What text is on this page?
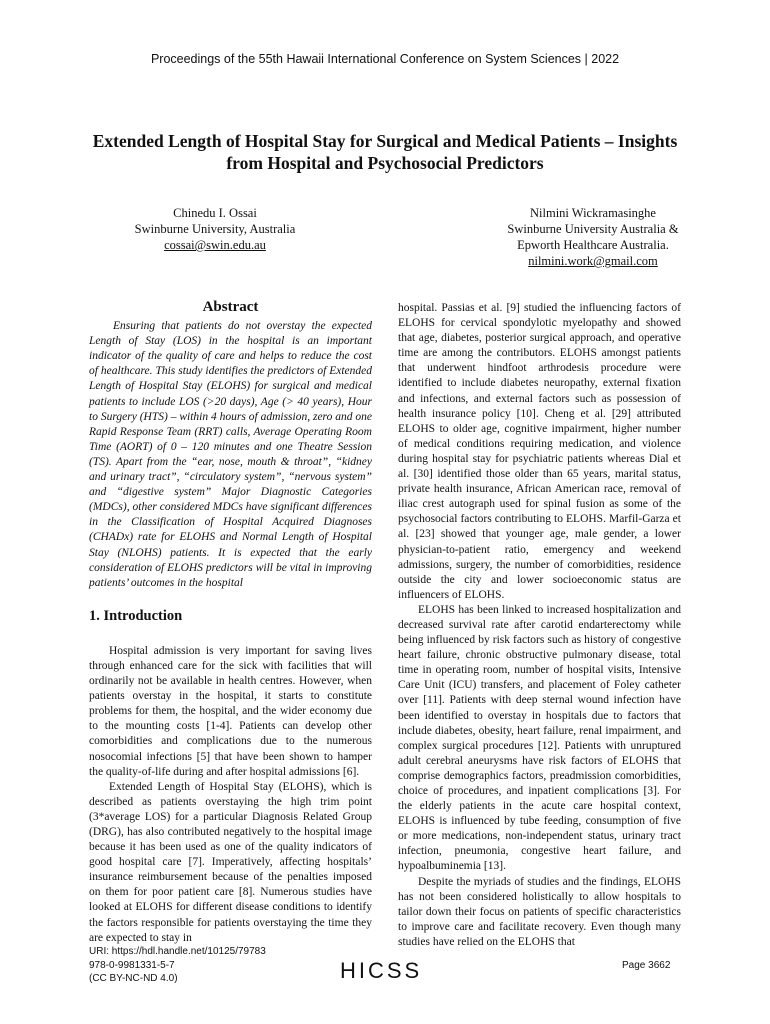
Proceedings of the 55th Hawaii International Conference on System Sciences | 2022
Extended Length of Hospital Stay for Surgical and Medical Patients – Insights
from Hospital and Psychosocial Predictors
Chinedu I. Ossai
Swinburne University, Australia
cossai@swin.edu.au
Nilmini Wickramasinghe
Swinburne University Australia &
Epworth Healthcare Australia.
nilmini.work@gmail.com
Abstract

Ensuring that patients do not overstay the expected Length of Stay (LOS) in the hospital is an important indicator of the quality of care and helps to reduce the cost of healthcare. This study identifies the predictors of Extended Length of Hospital Stay (ELOHS) for surgical and medical patients to include LOS (>20 days), Age (> 40 years), Hour to Surgery (HTS) – within 4 hours of admission, zero and one Rapid Response Team (RRT) calls, Average Operating Room Time (AORT) of 0 – 120 minutes and one Theatre Session (TS). Apart from the “ear, nose, mouth & throat”, “kidney and urinary tract”, “circulatory system”, “nervous system” and “digestive system” Major Diagnostic Categories (MDCs), other considered MDCs have significant differences in the Classification of Hospital Acquired Diagnoses (CHADx) rate for ELOHS and Normal Length of Hospital Stay (NLOHS) patients. It is expected that the early consideration of ELOHS predictors will be vital in improving patients’ outcomes in the hospital

1. Introduction

Hospital admission is very important for saving lives through enhanced care for the sick with facilities that will ordinarily not be available in health centres. However, when patients overstay in the hospital, it starts to constitute problems for them, the hospital, and the wider economy due to the mounting costs [1-4]. Patients can develop other comorbidities and complications due to the numerous nosocomial infections [5] that have been shown to hamper the quality-of-life during and after hospital admissions [6].

Extended Length of Hospital Stay (ELOHS), which is described as patients overstaying the high trim point (3*average LOS) for a particular Diagnosis Related Group (DRG), has also contributed negatively to the hospital image because it has been used as one of the quality indicators of good hospital care [7]. Imperatively, affecting hospitals’ insurance reimbursement because of the penalties imposed on them for poor patient care [8]. Numerous studies have looked at ELOHS for different disease conditions to identify the factors responsible for patients overstaying the time they are expected to stay in

hospital. Passias et al. [9] studied the influencing factors of ELOHS for cervical spondylotic myelopathy and showed that age, diabetes, posterior surgical approach, and operative time are among the contributors. ELOHS amongst patients that underwent hindfoot arthrodesis procedure were identified to include diabetes neuropathy, external fixation and infections, and external factors such as possession of health insurance policy [10]. Cheng et al. [29] attributed ELOHS to older age, cognitive impairment, higher number of medical conditions requiring medication, and violence during hospital stay for psychiatric patients whereas Dial et al. [30] identified those older than 65 years, marital status, private health insurance, African American race, removal of iliac crest autograph used for spinal fusion as some of the psychosocial factors contributing to ELOHS. Marfil-Garza et al. [23] showed that younger age, male gender, a lower physician-to-patient ratio, emergency and weekend admissions, surgery, the number of comorbidities, residence outside the city and lower socioeconomic status are influencers of ELOHS.

ELOHS has been linked to increased hospitalization and decreased survival rate after carotid endarterectomy while being influenced by risk factors such as history of congestive heart failure, chronic obstructive pulmonary disease, total time in operating room, number of hospital visits, Intensive Care Unit (ICU) transfers, and placement of Foley catheter over [11]. Patients with deep sternal wound infection have been identified to overstay in hospitals due to factors that include diabetes, obesity, heart failure, renal impairment, and complex surgical procedures [12]. Patients with unruptured adult cerebral aneurysms have risk factors of ELOHS that comprise demographics factors, preadmission comorbidities, choice of procedures, and inpatient complications [3]. For the elderly patients in the acute care hospital context, ELOHS is influenced by tube feeding, consumption of five or more medications, non-independent status, urinary tract infection, pneumonia, congestive heart failure, and hypoalbuminemia [13].

Despite the myriads of studies and the findings, ELOHS has not been considered holistically to allow hospitals to tailor down their focus on patients of specific characteristics to improve care and facilitate recovery. Even though many studies have relied on the ELOHS that

URI: https://hdl.handle.net/10125/79783
978-0-9981331-5-7
(CC BY-NC-ND 4.0)	HICSS	Page 3662
